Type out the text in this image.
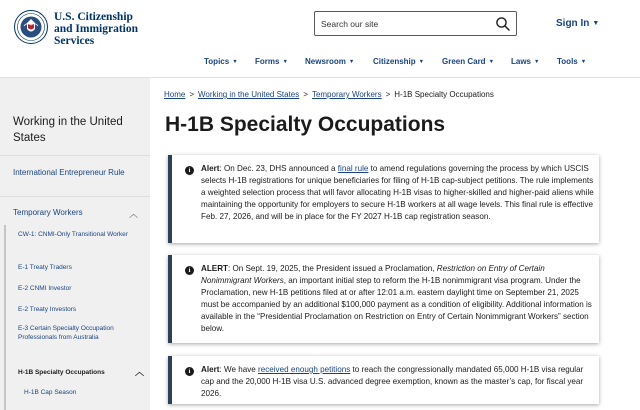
U.S. Citizenship
and Immigration
Services
Search our site
Sign In ▼
Topics ▼ Forms ▼ Newsroom ▼ Citizenship ▼ Green Card ▼ Laws ▼ Tools ▼
Working in the United States
International Entrepreneur Rule
Temporary Workers	︿
CW-1: CNMI-Only Transitional Worker
E-1 Treaty Traders
E-2 CNMI Investor
E-2 Treaty Investors
E-3 Certain Specialty Occupation Professionals from Australia
H-1B Specialty Occupations	︿
H-1B Cap Season
Home > Working in the United States > Temporary Workers > H-1B Specialty Occupations
H-1B Specialty Occupations
i	Alert: On Dec. 23, DHS announced a final rule to amend regulations governing the process by which USCIS selects H-1B registrations for unique beneficiaries for filing of H-1B cap-subject petitions. The rule implements a weighted selection process that will favor allocating H-1B visas to higher-skilled and higher-paid aliens while maintaining the opportunity for employers to secure H-1B workers at all wage levels. This final rule is effective Feb. 27, 2026, and will be in place for the FY 2027 H-1B cap registration season.
i	ALERT: On Sept. 19, 2025, the President issued a Proclamation, Restriction on Entry of Certain Nonimmigrant Workers, an important initial step to reform the H-1B nonimmigrant visa program. Under the Proclamation, new H-1B petitions filed at or after 12:01 a.m. eastern daylight time on September 21, 2025 must be accompanied by an additional $100,000 payment as a condition of eligibility. Additional information is available in the “Presidential Proclamation on Restriction on Entry of Certain Nonimmigrant Workers” section below.
i	Alert: We have received enough petitions to reach the congressionally mandated 65,000 H-1B visa regular cap and the 20,000 H-1B visa U.S. advanced degree exemption, known as the master’s cap, for fiscal year 2026.
